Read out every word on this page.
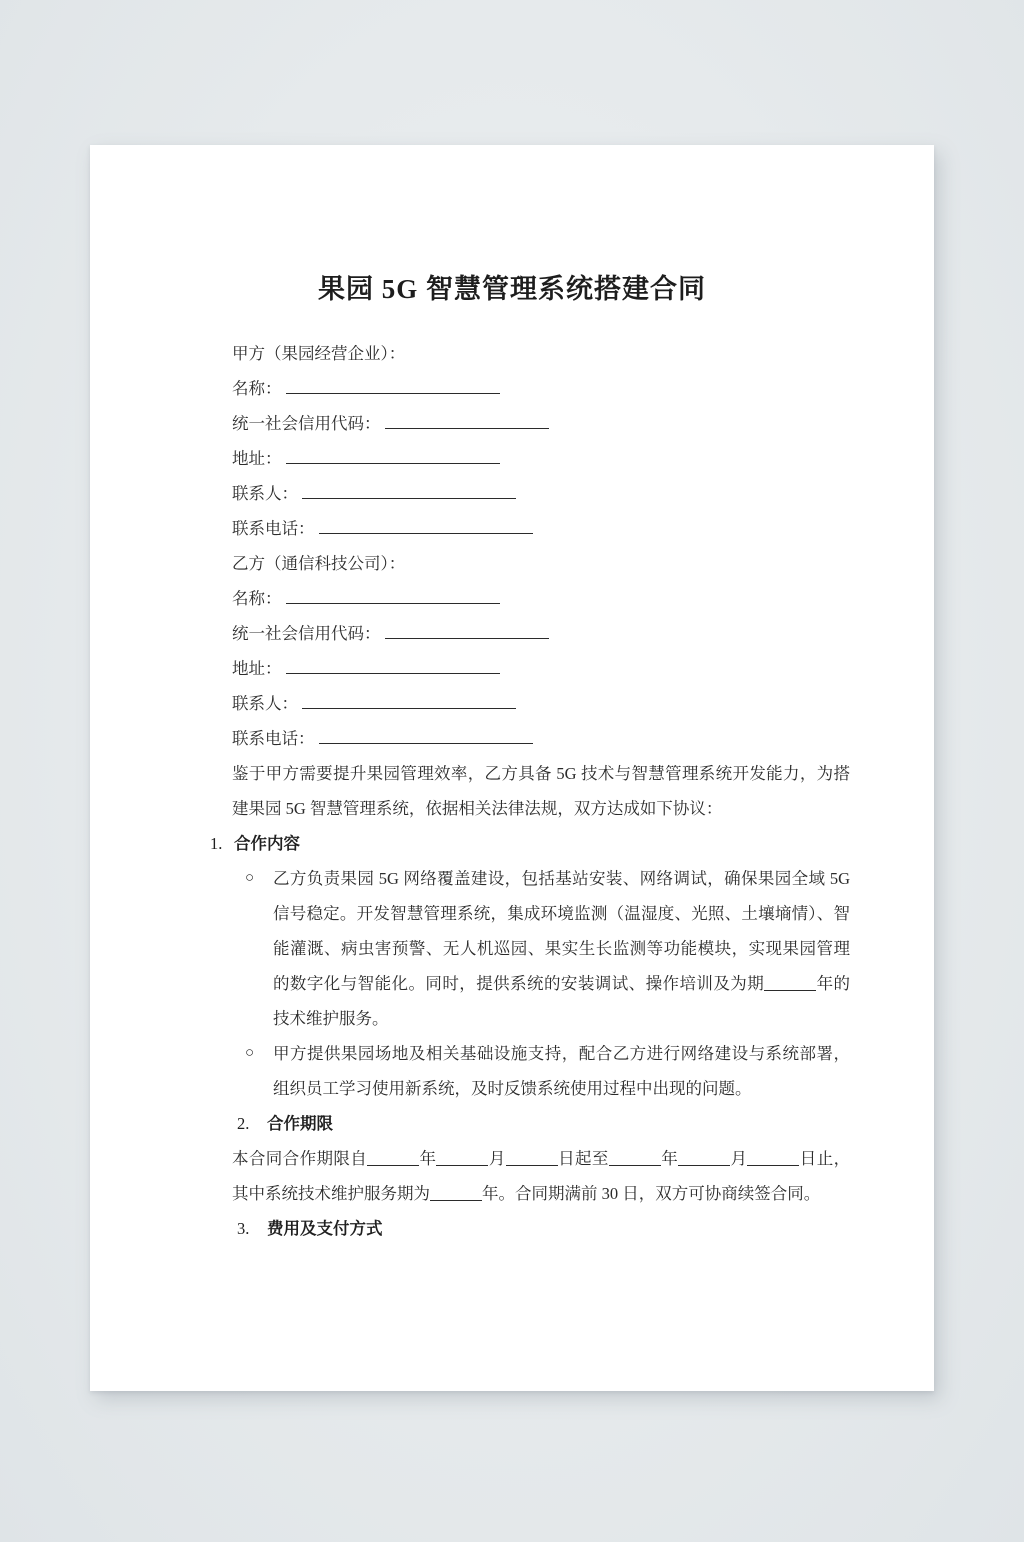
果园 5G 智慧管理系统搭建合同
甲方（果园经营企业）：
名称：
统一社会信用代码：
地址：
联系人：
联系电话：
乙方（通信科技公司）：
名称：
统一社会信用代码：
地址：
联系人：
联系电话：

鉴于甲方需要提升果园管理效率，乙方具备 5G 技术与智慧管理系统开发能力，为搭建果园 5G 智慧管理系统，依据相关法律法规，双方达成如下协议：

1. 合作内容
○	乙方负责果园 5G 网络覆盖建设，包括基站安装、网络调试，确保果园全域 5G 信号稳定。开发智慧管理系统，集成环境监测（温湿度、光照、土壤墒情）、智能灌溉、病虫害预警、无人机巡园、果实生长监测等功能模块，实现果园管理的数字化与智能化。同时，提供系统的安装调试、操作培训及为期	年的技术维护服务。

○	甲方提供果园场地及相关基础设施支持，配合乙方进行网络建设与系统部署，组织员工学习使用新系统，及时反馈系统使用过程中出现的问题。

2.	合作期限

本合同合作期限自	年	月	日起至	年	月	日止，其中系统技术维护服务期为	年。合同期满前 30 日，双方可协商续签合同。

3.	费用及支付方式
